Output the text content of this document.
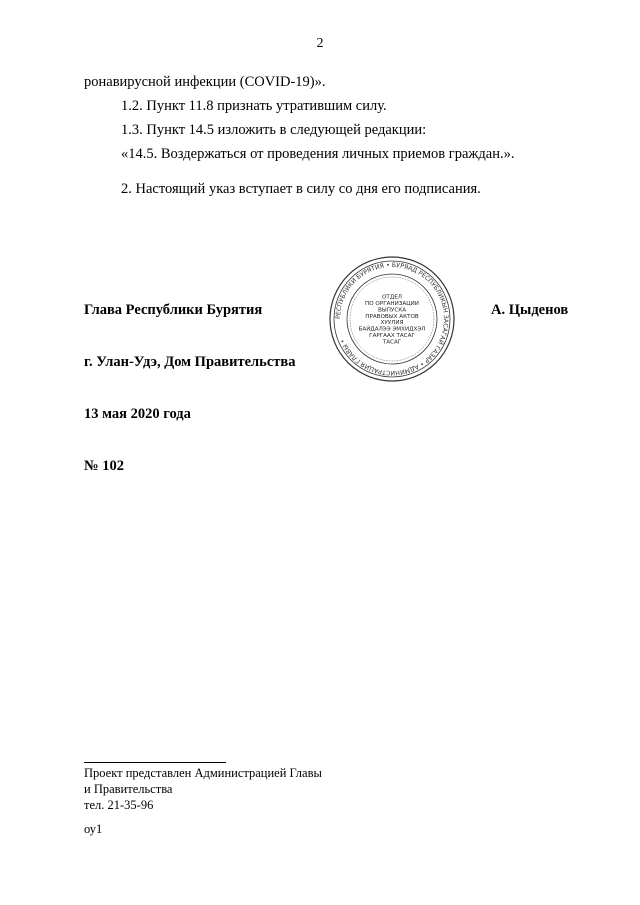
2
ронавирусной инфекции (COVID-19)».
1.2. Пункт 11.8 признать утратившим силу.
1.3. Пункт 14.5 изложить в следующей редакции:
«14.5. Воздержаться от проведения личных приемов граждан.».
2. Настоящий указ вступает в силу со дня его подписания.
РЕСПУБЛИКИ БУРЯТИЯ • БУРЯАД РЕСПУБЛИКЫН ЗАСАГАЙ ГАЗАР • АДМИНИСТРАЦИЯ ГЛАВЫ •
ОТДЕЛ
ПО ОРГАНИЗАЦИИ
ВЫПУСКА
ПРАВОВЫХ АКТОВ
ХУУЛИЯ
БАЙДАЛЭЭ ЭМХИДХЭЛ
ГАРГААХ ТАСАГ
ТАСАГ
Глава Республики Бурятия	А. Цыденов
г. Улан-Удэ, Дом Правительства
13 мая 2020 года
№ 102
Проект представлен Администрацией Главы
и Правительства
тел. 21-35-96
оу1
